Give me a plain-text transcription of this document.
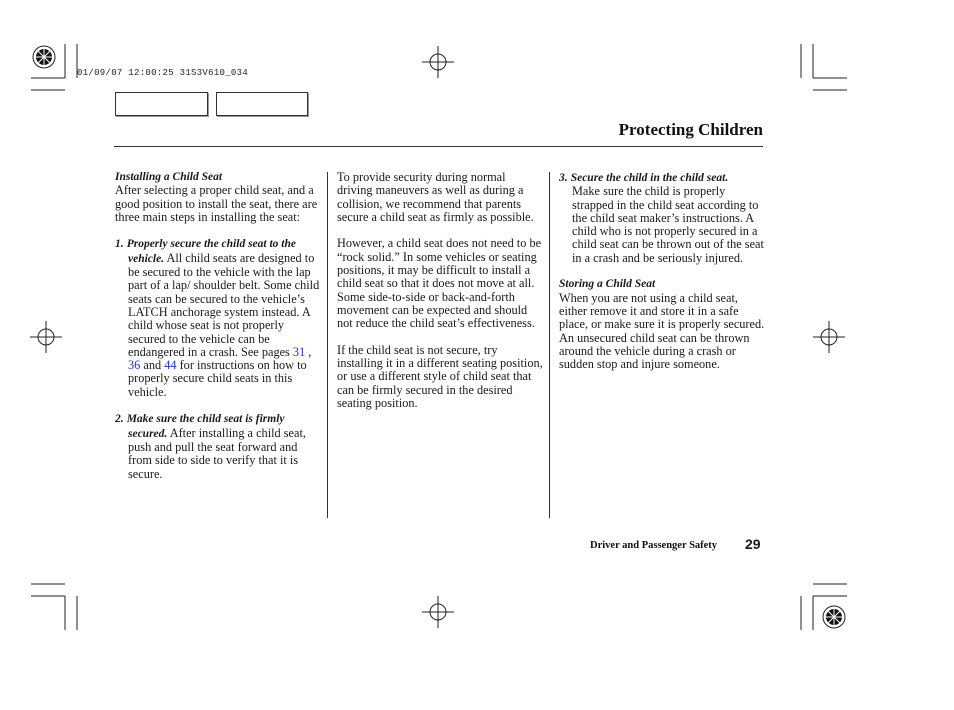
01/09/07 12:00:25 31S3V610_034
Protecting Children
Installing a Child Seat

After selecting a proper child seat, and a good position to install the seat, there are three main steps in installing the seat:

1. Properly secure the child seat to the vehicle. All child seats are designed to be secured to the vehicle with the lap part of a lap/ shoulder belt. Some child seats can be secured to the vehicle’s LATCH anchorage system instead. A child whose seat is not properly secured to the vehicle can be endangered in a crash. See pages 31 , 36 and 44 for instructions on how to properly secure child seats in this vehicle.

2. Make sure the child seat is firmly secured. After installing a child seat, push and pull the seat forward and from side to side to verify that it is secure.

To provide security during normal driving maneuvers as well as during a collision, we recommend that parents secure a child seat as firmly as possible.

However, a child seat does not need to be “rock solid.” In some vehicles or seating positions, it may be difficult to install a child seat so that it does not move at all. Some side-to-side or back-and-forth movement can be expected and should not reduce the child seat’s effectiveness.

If the child seat is not secure, try installing it in a different seating position, or use a different style of child seat that can be firmly secured in the desired seating position.

3. Secure the child in the child seat.
Make sure the child is properly strapped in the child seat according to the child seat maker’s instructions. A child who is not properly secured in a child seat can be thrown out of the seat in a crash and be seriously injured.

Storing a Child Seat

When you are not using a child seat, either remove it and store it in a safe place, or make sure it is properly secured. An unsecured child seat can be thrown around the vehicle during a crash or sudden stop and injure someone.

Driver and Passenger Safety 29
